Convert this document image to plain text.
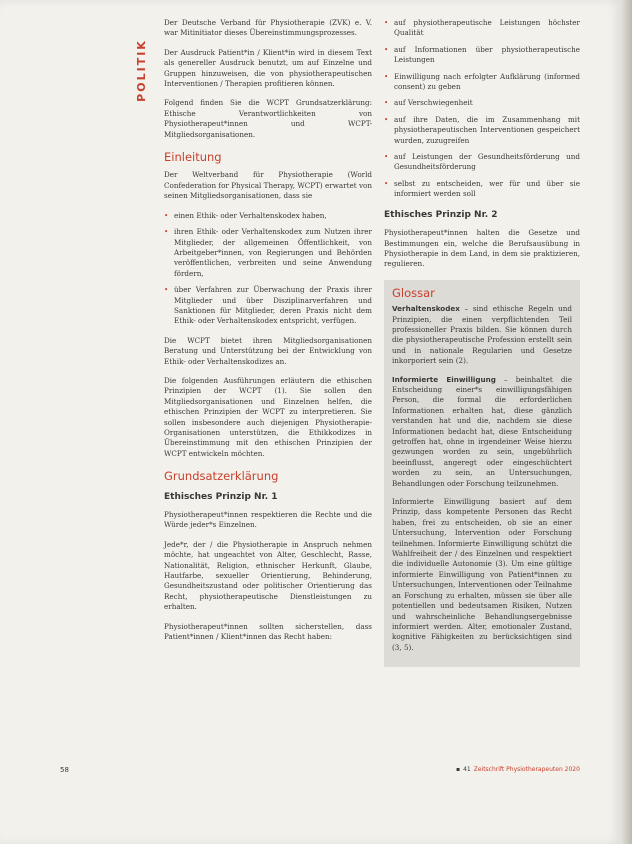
POLITIK

Der Deutsche Verband für Physiotherapie (ZVK) e. V. war Mitinitiator dieses Übereinstimmungsprozesses.

Der Ausdruck Patient*in / Klient*in wird in diesem Text als genereller Ausdruck benutzt, um auf Einzelne und Gruppen hinzuweisen, die von physiotherapeutischen Interventionen / Therapien profitieren können.

Folgend finden Sie die WCPT Grundsatzerklärung: Ethische Verantwortlichkeiten von Physiotherapeut*innen und WCPT-Mitgliedsorganisationen.

Einleitung

Der Weltverband für Physiotherapie (World Confederation for Physical Therapy, WCPT) erwartet von seinen Mitgliedsorganisationen, dass sie

• einen Ethik- oder Verhaltenskodex haben,
• ihren Ethik- oder Verhaltenskodex zum Nutzen ihrer Mitglieder, der allgemeinen Öffentlichkeit, von Arbeitgeber*innen, von Regierungen und Behörden veröffentlichen, verbreiten und seine Anwendung fördern,
• über Verfahren zur Überwachung der Praxis ihrer Mitglieder und über Disziplinarverfahren und Sanktionen für Mitglieder, deren Praxis nicht dem Ethik- oder Verhaltenskodex entspricht, verfügen.

Die WCPT bietet ihren Mitgliedsorganisationen Beratung und Unterstützung bei der Entwicklung von Ethik- oder Verhaltenskodizes an.

Die folgenden Ausführungen erläutern die ethischen Prinzipien der WCPT (1). Sie sollen den Mitgliedsorganisationen und Einzelnen helfen, die ethischen Prinzipien der WCPT zu interpretieren. Sie sollen insbesondere auch diejenigen Physiotherapie-Organisationen unterstützen, die Ethikkodizes in Übereinstimmung mit den ethischen Prinzipien der WCPT entwickeln möchten.

Grundsatzerklärung
Ethisches Prinzip Nr. 1

Physiotherapeut*innen respektieren die Rechte und die Würde jeder*s Einzelnen.

Jede*r, der / die Physiotherapie in Anspruch nehmen möchte, hat ungeachtet von Alter, Geschlecht, Rasse, Nationalität, Religion, ethnischer Herkunft, Glaube, Hautfarbe, sexueller Orientierung, Behinderung, Gesundheitszustand oder politischer Orientierung das Recht, physiotherapeutische Dienstleistungen zu erhalten.

Physiotherapeut*innen sollten sicherstellen, dass Patient*innen / Klient*innen das Recht haben:

• auf physiotherapeutische Leistungen höchster Qualität
• auf Informationen über physiotherapeutische Leistungen
• Einwilligung nach erfolgter Aufklärung (informed consent) zu geben
• auf Verschwiegenheit
• auf ihre Daten, die im Zusammenhang mit physiotherapeutischen Interventionen gespeichert wurden, zuzugreifen
• auf Leistungen der Gesundheitsförderung und Gesundheitsförderung
• selbst zu entscheiden, wer für und über sie informiert werden soll
Ethisches Prinzip Nr. 2

Physiotherapeut*innen halten die Gesetze und Bestimmungen ein, welche die Berufsausübung in Physiotherapie in dem Land, in dem sie praktizieren, regulieren.

Glossar

Verhaltenskodex – sind ethische Regeln und Prinzipien, die einen verpflichtenden Teil professioneller Praxis bilden. Sie können durch die physiotherapeutische Profession erstellt sein und in nationale Regularien und Gesetze inkorporiert sein (2).

Informierte Einwilligung – beinhaltet die Entscheidung einer*s einwilligungsfähigen Person, die formal die erforderlichen Informationen erhalten hat, diese gänzlich verstanden hat und die, nachdem sie diese Informationen bedacht hat, diese Entscheidung getroffen hat, ohne in irgendeiner Weise hierzu gezwungen worden zu sein, ungebührlich beeinflusst, angeregt oder eingeschüchtert worden zu sein, an Untersuchungen, Behandlungen oder Forschung teilzunehmen.

Informierte Einwilligung basiert auf dem Prinzip, dass kompetente Personen das Recht haben, frei zu entscheiden, ob sie an einer Untersuchung, Intervention oder Forschung teilnehmen. Informierte Einwilligung schützt die Wahlfreiheit der / des Einzelnen und respektiert die individuelle Autonomie (3). Um eine gültige informierte Einwilligung von Patient*innen zu Untersuchungen, Interventionen oder Teilnahme an Forschung zu erhalten, müssen sie über alle potentiellen und bedeutsamen Risiken, Nutzen und wahrscheinliche Behandlungsergebnisse informiert werden. Alter, emotionaler Zustand, kognitive Fähigkeiten zu berücksichtigen sind (3, 5).

58	▪ 41 Zeitschrift Physiotherapeuten 2020
